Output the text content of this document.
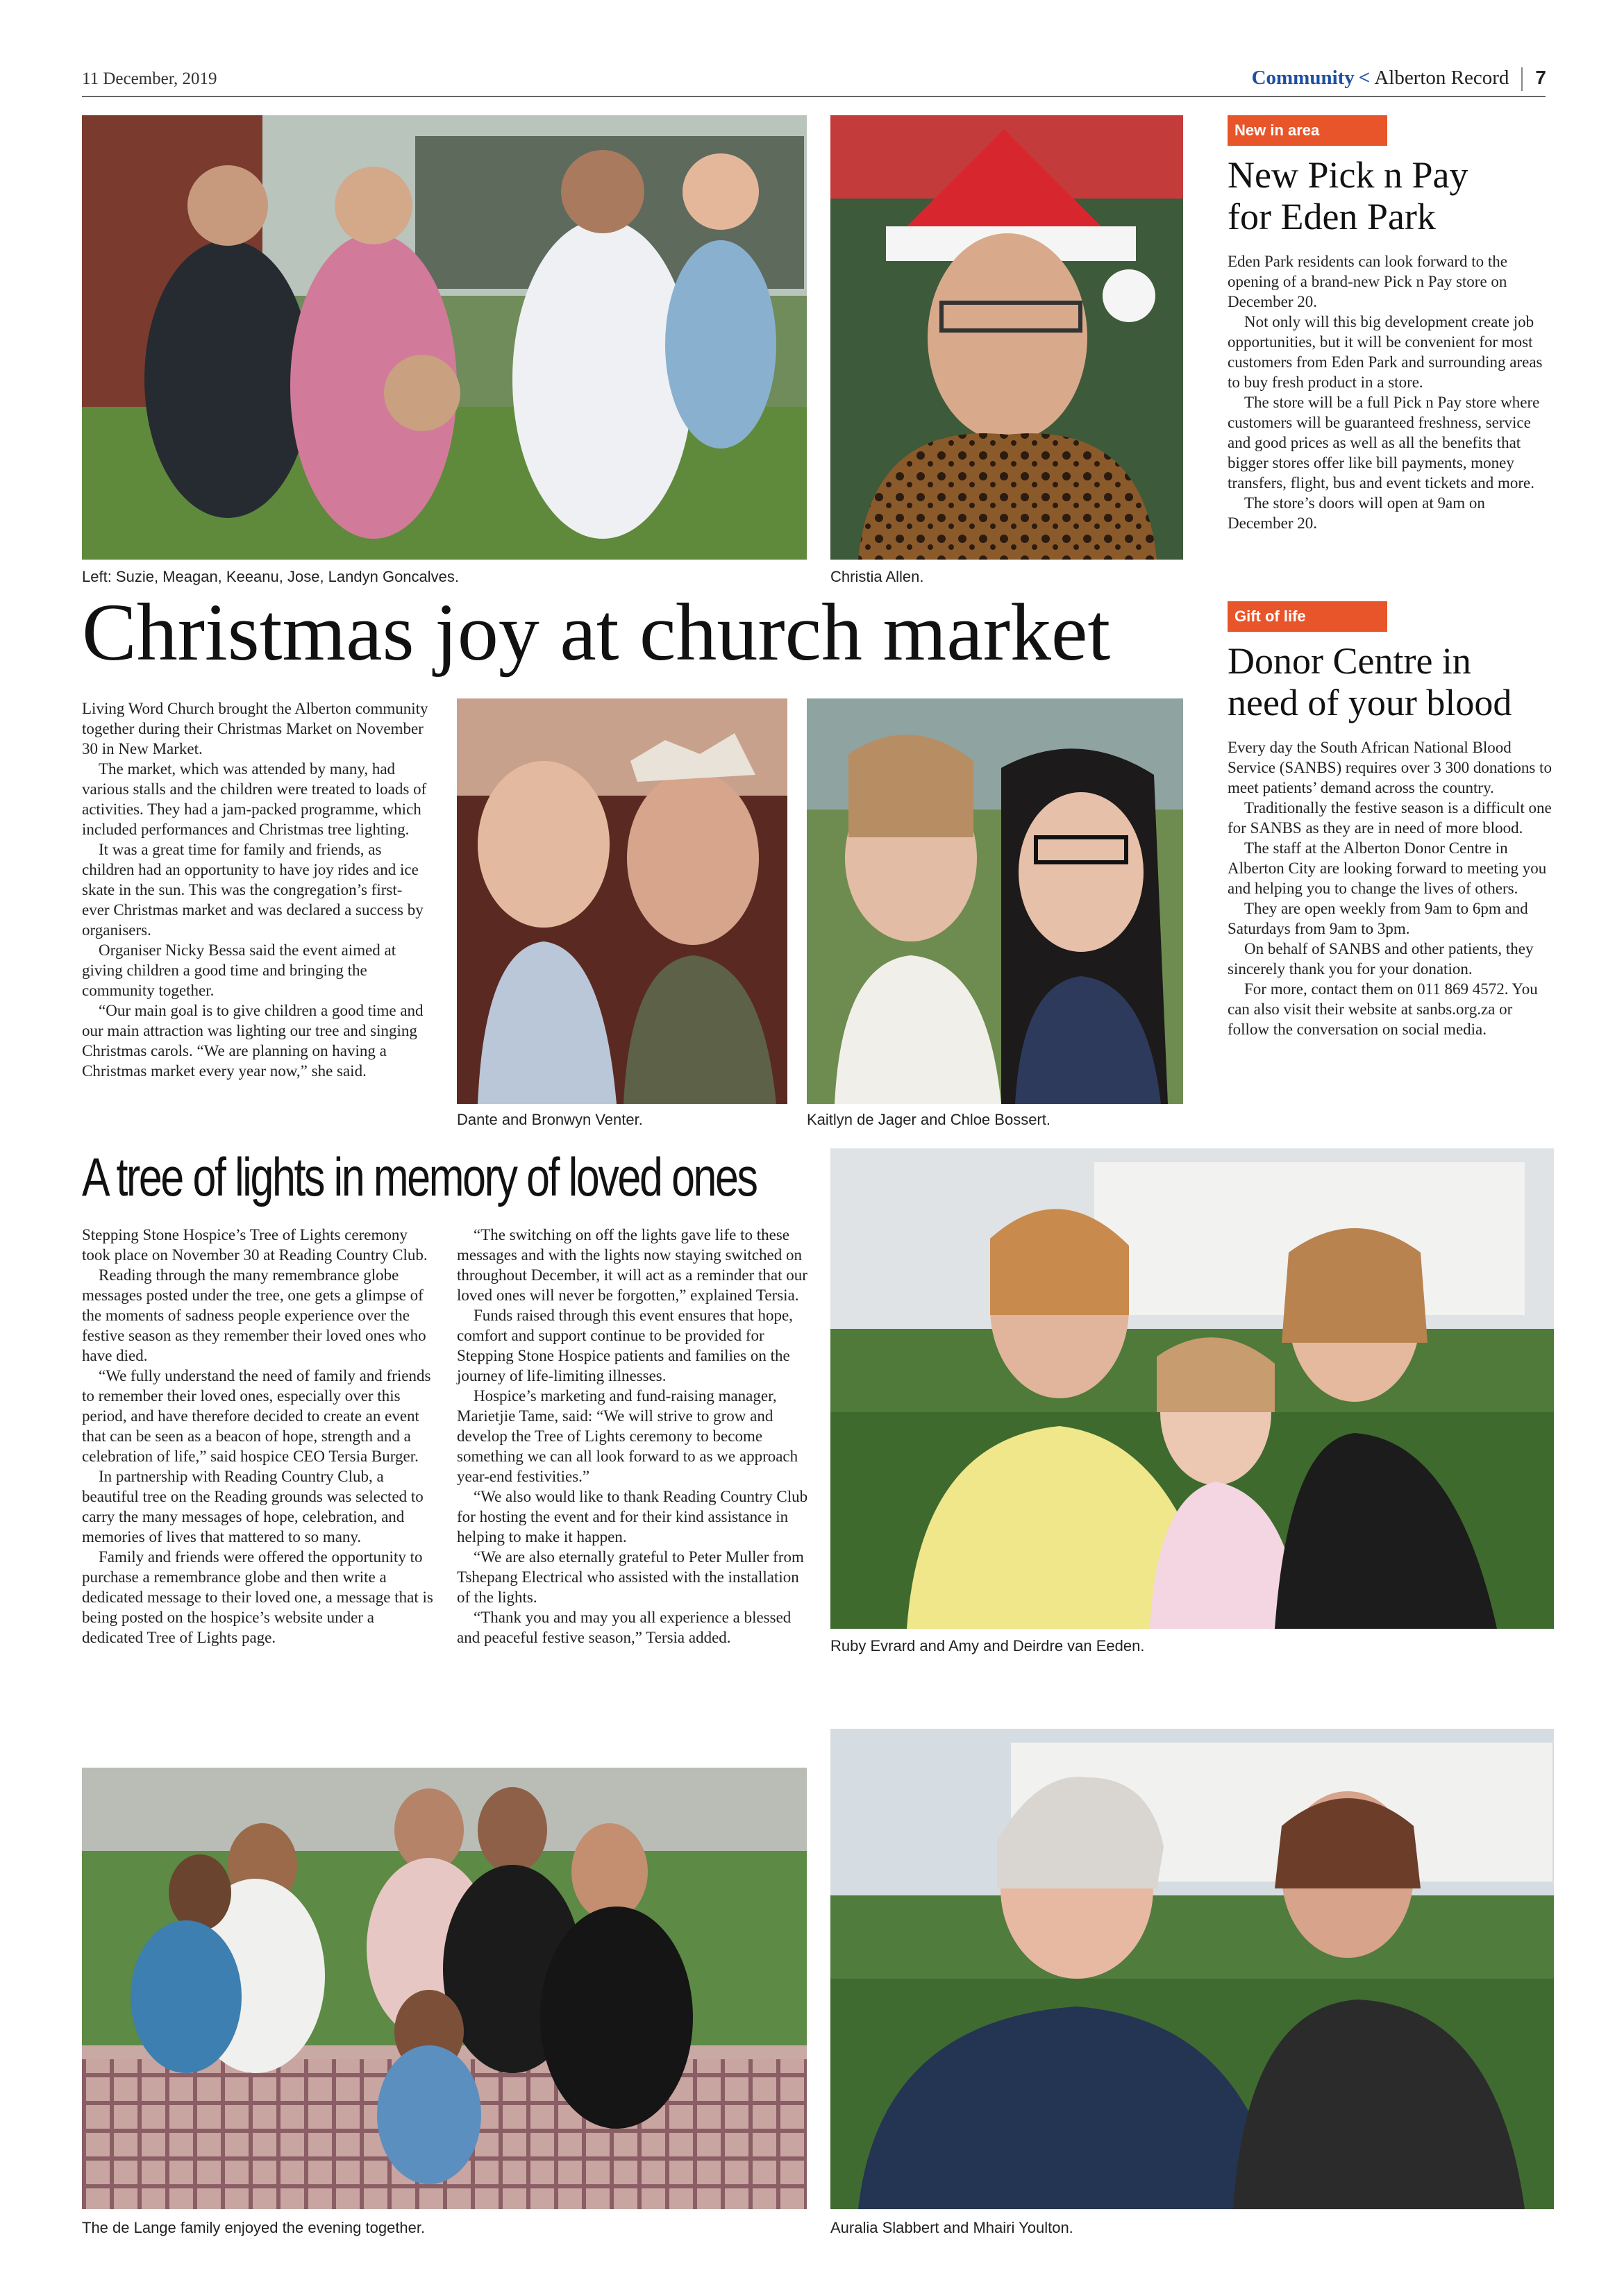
11 December, 2019	Community < Alberton Record 7
Left: Suzie, Meagan, Keeanu, Jose, Landyn Goncalves.	Christia Allen.
Christmas joy at church market

Living Word Church brought the Alberton community together during their Christmas Market on November 30 in New Market.

The market, which was attended by many, had various stalls and the children were treated to loads of activities. They had a jam-packed programme, which included performances and Christmas tree lighting.

It was a great time for family and friends, as children had an opportunity to have joy rides and ice skate in the sun. This was the congregation’s first-ever Christmas market and was declared a success by organisers.

Organiser Nicky Bessa said the event aimed at giving children a good time and bringing the community together.

“Our main goal is to give children a good time and our main attraction was lighting our tree and singing Christmas carols. “We are planning on having a Christmas market every year now,” she said.

Dante and Bronwyn Venter.	Kaitlyn de Jager and Chloe Bossert.
New in area
New Pick n Pay
for Eden Park

Eden Park residents can look forward to the opening of a brand-new Pick n Pay store on December 20.

Not only will this big development create job opportunities, but it will be convenient for most customers from Eden Park and surrounding areas to buy fresh product in a store.

The store will be a full Pick n Pay store where customers will be guaranteed freshness, service and good prices as well as all the benefits that bigger stores offer like bill payments, money transfers, flight, bus and event tickets and more.

The store’s doors will open at 9am on December 20.

Gift of life
Donor Centre in
need of your blood

Every day the South African National Blood Service (SANBS) requires over 3 300 donations to meet patients’ demand across the country.

Traditionally the festive season is a difficult one for SANBS as they are in need of more blood.

The staff at the Alberton Donor Centre in Alberton City are looking forward to meeting you and helping you to change the lives of others.

They are open weekly from 9am to 6pm and Saturdays from 9am to 3pm.

On behalf of SANBS and other patients, they sincerely thank you for your donation.

For more, contact them on 011 869 4572. You can also visit their website at sanbs.org.za or follow the conversation on social media.

A tree of lights in memory of loved ones

Stepping Stone Hospice’s Tree of Lights ceremony took place on November 30 at Reading Country Club.

Reading through the many remembrance globe messages posted under the tree, one gets a glimpse of the moments of sadness people experience over the festive season as they remember their loved ones who have died.

“We fully understand the need of family and friends to remember their loved ones, especially over this period, and have therefore decided to create an event that can be seen as a beacon of hope, strength and a celebration of life,” said hospice CEO Tersia Burger.

In partnership with Reading Country Club, a beautiful tree on the Reading grounds was selected to carry the many messages of hope, celebration, and memories of lives that mattered to so many.

Family and friends were offered the opportunity to purchase a remembrance globe and then write a dedicated message to their loved one, a message that is being posted on the hospice’s website under a dedicated Tree of Lights page.

“The switching on off the lights gave life to these messages and with the lights now staying switched on throughout December, it will act as a reminder that our loved ones will never be forgotten,” explained Tersia.

Funds raised through this event ensures that hope, comfort and support continue to be provided for Stepping Stone Hospice patients and families on the journey of life-limiting illnesses.

Hospice’s marketing and fund-raising manager, Marietjie Tame, said: “We will strive to grow and develop the Tree of Lights ceremony to become something we can all look forward to as we approach year-end festivities.”

“We also would like to thank Reading Country Club for hosting the event and for their kind assistance in helping to make it happen.

“We are also eternally grateful to Peter Muller from Tshepang Electrical who assisted with the installation of the lights.

“Thank you and may you all experience a blessed and peaceful festive season,” Tersia added.	Ruby Evrard and Amy and Deirdre van Eeden.
The de Lange family enjoyed the evening together.	Auralia Slabbert and Mhairi Youlton.
